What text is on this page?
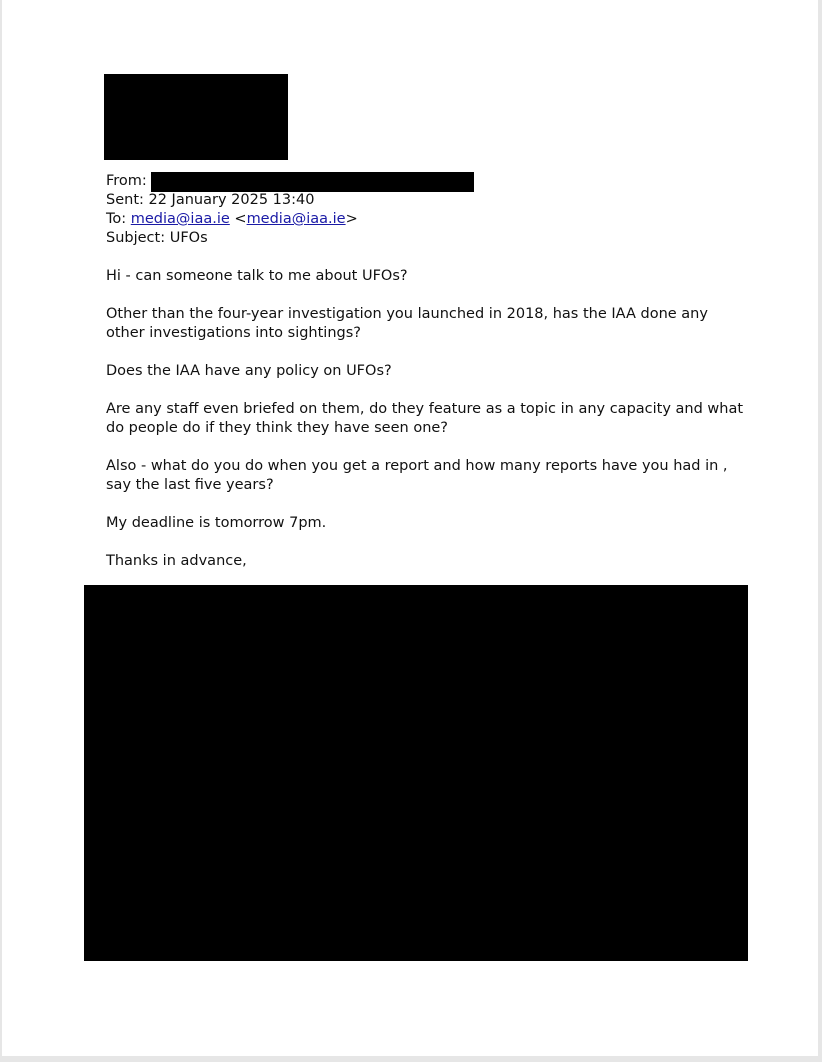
From:
Sent: 22 January 2025 13:40
To: media@iaa.ie <media@iaa.ie>
Subject: UFOs

Hi - can someone talk to me about UFOs?

Other than the four-year investigation you launched in 2018, has the IAA done any other investigations into sightings?

Does the IAA have any policy on UFOs?

Are any staff even briefed on them, do they feature as a topic in any capacity and what do people do if they think they have seen one?

Also - what do you do when you get a report and how many reports have you had in , say the last five years?

My deadline is tomorrow 7pm.

Thanks in advance,
